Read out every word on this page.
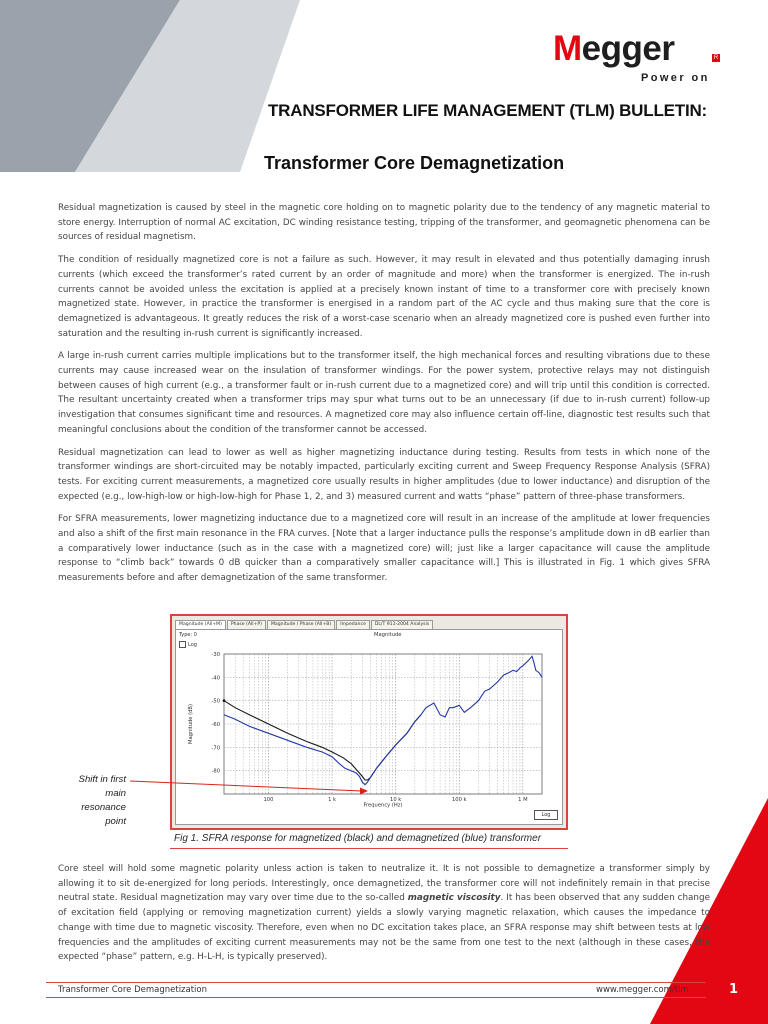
Megger	R
Power on
TRANSFORMER LIFE MANAGEMENT (TLM) BULLETIN:
Transformer Core Demagnetization

Residual magnetization is caused by steel in the magnetic core holding on to magnetic polarity due to the tendency of any magnetic material to store energy. Interruption of normal AC excitation, DC winding resistance testing, tripping of the transformer, and geomagnetic phenomena can be sources of residual magnetism.

The condition of residually magnetized core is not a failure as such. However, it may result in elevated and thus potentially damaging inrush currents (which exceed the transformer’s rated current by an order of magnitude and more) when the transformer is energized. The in-rush currents cannot be avoided unless the excitation is applied at a precisely known instant of time to a transformer core with precisely known magnetized state. However, in practice the transformer is energised in a random part of the AC cycle and thus making sure that the core is demagnetized is advantageous. It greatly reduces the risk of a worst-case scenario when an already magnetized core is pushed even further into saturation and the resulting in-rush current is significantly increased.

A large in-rush current carries multiple implications but to the transformer itself, the high mechanical forces and resulting vibrations due to these currents may cause increased wear on the insulation of transformer windings. For the power system, protective relays may not distinguish between causes of high current (e.g., a transformer fault or in-rush current due to a magnetized core) and will trip until this condition is corrected. The resultant uncertainty created when a transformer trips may spur what turns out to be an unnecessary (if due to in-rush current) follow-up investigation that consumes significant time and resources. A magnetized core may also influence certain off-line, diagnostic test results such that meaningful conclusions about the condition of the transformer cannot be accessed.

Residual magnetization can lead to lower as well as higher magnetizing inductance during testing. Results from tests in which none of the transformer windings are short-circuited may be notably impacted, particularly exciting current and Sweep Frequency Response Analysis (SFRA) tests. For exciting current measurements, a magnetized core usually results in higher amplitudes (due to lower inductance) and disruption of the expected (e.g., low-high-low or high-low-high for Phase 1, 2, and 3) measured current and watts “phase” pattern of three-phase transformers.

For SFRA measurements, lower magnetizing inductance due to a magnetized core will result in an increase of the amplitude at lower frequencies and also a shift of the first main resonance in the FRA curves. [Note that a larger inductance pulls the response’s amplitude down in dB earlier than a comparatively lower inductance (such as in the case with a magnetized core) will; just like a larger capacitance will cause the amplitude response to “climb back” towards 0 dB quicker than a comparatively smaller capacitance will.] This is illustrated in Fig. 1 which gives SFRA measurements before and after demagnetization of the same transformer.

Magnitude (All+M)	Phase (All+P)	Magnitude / Phase (All+B)	Impedance	DL/T 911-2004 Analysis
Type: 0
Log
Magnitude
-30
-40
-50
-60
-70
-80
100	1 k	10 k	100 k	1 M
Frequency (Hz)
Magnitude (dB)
Log
Shift in first main resonance point
Fig 1. SFRA response for magnetized (black) and demagnetized (blue) transformer

Core steel will hold some magnetic polarity unless action is taken to neutralize it. It is not possible to demagnetize a transformer simply by allowing it to sit de-energized for long periods. Interestingly, once demagnetized, the transformer core will not indefinitely remain in that precise neutral state. Residual magnetization may vary over time due to the so-called magnetic viscosity. It has been observed that any sudden change of excitation field (applying or removing magnetization current) yields a slowly varying magnetic relaxation, which causes the impedance to change with time due to magnetic viscosity. Therefore, even when no DC excitation takes place, an SFRA response may shift between tests at low frequencies and the amplitudes of exciting current measurements may not be the same from one test to the next (although in these cases, the expected “phase” pattern, e.g. H-L-H, is typically preserved).

Transformer Core Demagnetization	www.megger.com/tlm	1
